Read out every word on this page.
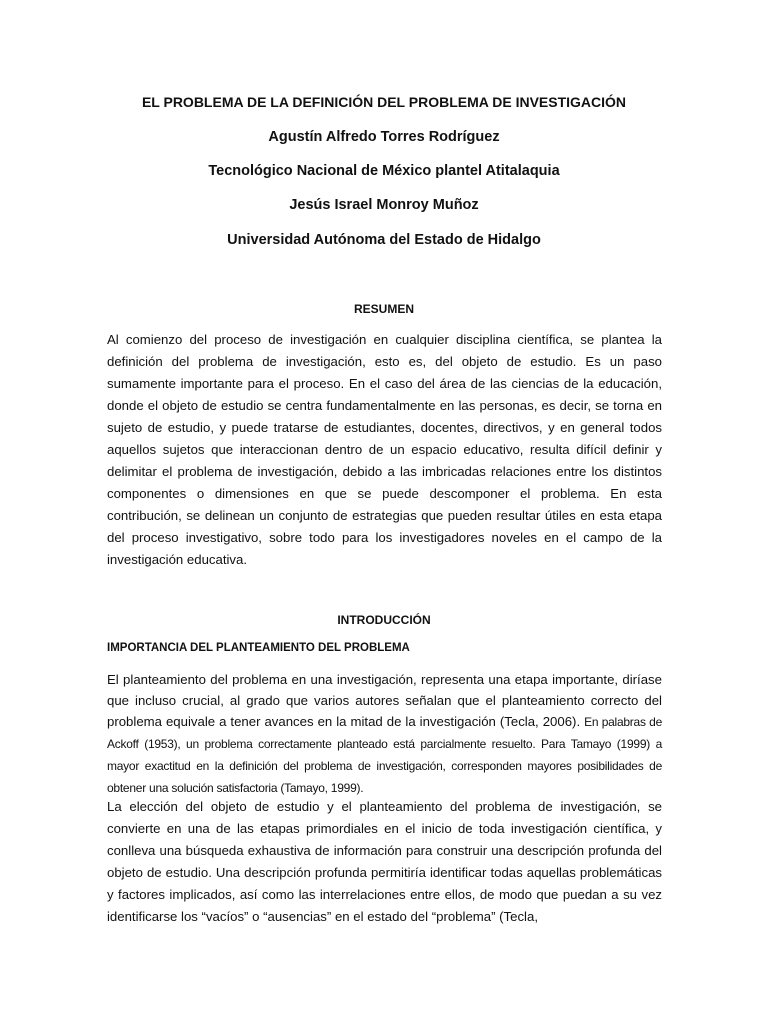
EL PROBLEMA DE LA DEFINICIÓN DEL PROBLEMA DE INVESTIGACIÓN
Agustín Alfredo Torres Rodríguez
Tecnológico Nacional de México plantel Atitalaquia
Jesús Israel Monroy Muñoz
Universidad Autónoma del Estado de Hidalgo
RESUMEN
Al comienzo del proceso de investigación en cualquier disciplina científica, se plantea la definición del problema de investigación, esto es, del objeto de estudio. Es un paso sumamente importante para el proceso. En el caso del área de las ciencias de la educación, donde el objeto de estudio se centra fundamentalmente en las personas, es decir, se torna en sujeto de estudio, y puede tratarse de estudiantes, docentes, directivos, y en general todos aquellos sujetos que interaccionan dentro de un espacio educativo, resulta difícil definir y delimitar el problema de investigación, debido a las imbricadas relaciones entre los distintos componentes o dimensiones en que se puede descomponer el problema. En esta contribución, se delinean un conjunto de estrategias que pueden resultar útiles en esta etapa del proceso investigativo, sobre todo para los investigadores noveles en el campo de la investigación educativa.
INTRODUCCIÓN
IMPORTANCIA DEL PLANTEAMIENTO DEL PROBLEMA
El planteamiento del problema en una investigación, representa una etapa importante, diríase que incluso crucial, al grado que varios autores señalan que el planteamiento correcto del problema equivale a tener avances en la mitad de la investigación (Tecla, 2006). En palabras de Ackoff (1953), un problema correctamente planteado está parcialmente resuelto. Para Tamayo (1999) a mayor exactitud en la definición del problema de investigación, corresponden mayores posibilidades de obtener una solución satisfactoria (Tamayo, 1999).
La elección del objeto de estudio y el planteamiento del problema de investigación, se convierte en una de las etapas primordiales en el inicio de toda investigación científica, y conlleva una búsqueda exhaustiva de información para construir una descripción profunda del objeto de estudio. Una descripción profunda permitiría identificar todas aquellas problemáticas y factores implicados, así como las interrelaciones entre ellos, de modo que puedan a su vez identificarse los “vacíos” o “ausencias” en el estado del “problema” (Tecla,
